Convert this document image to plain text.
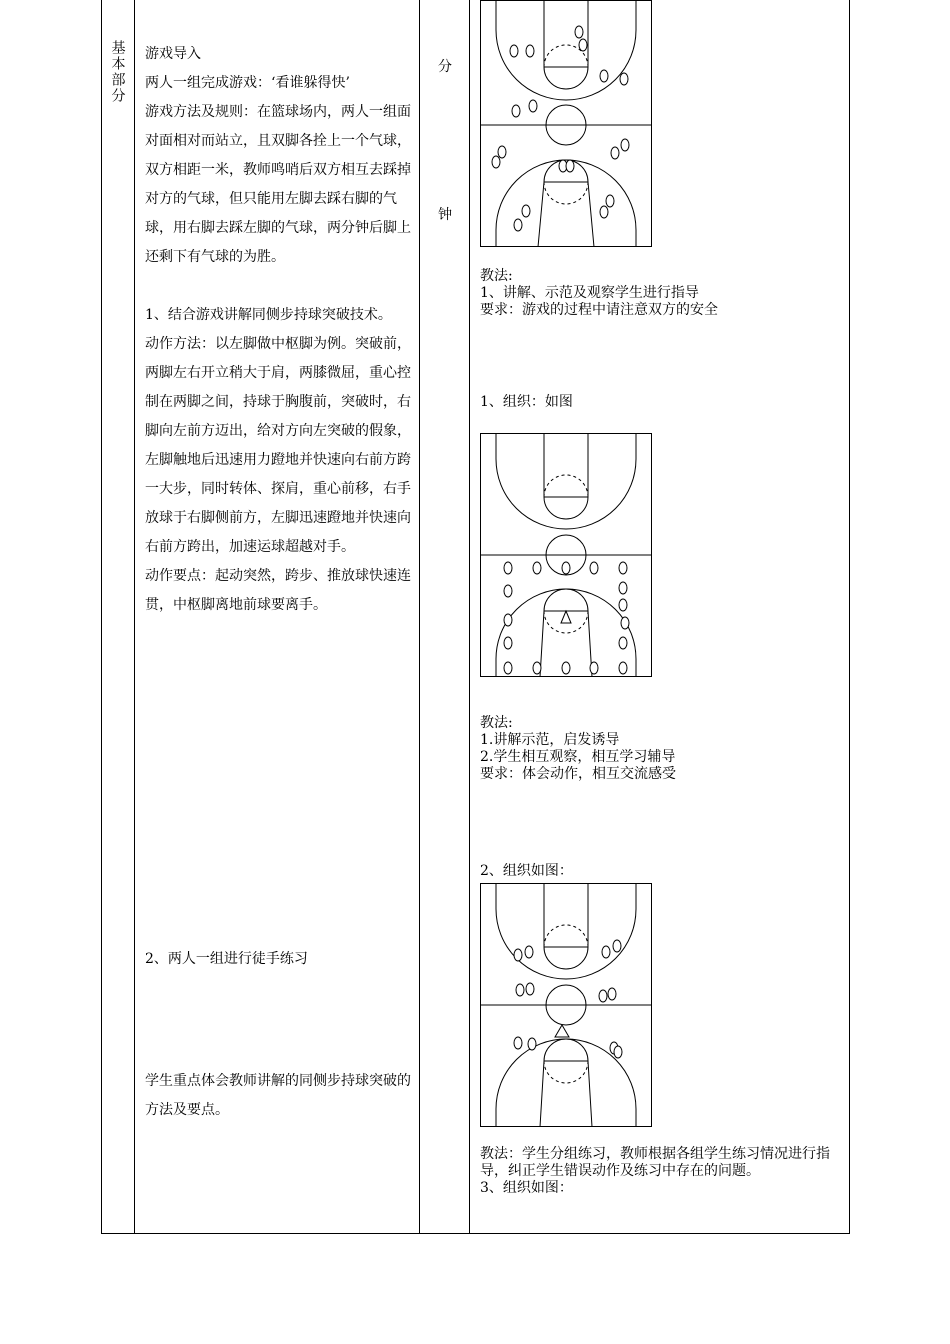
基本部分	游戏导入

两人一组完成游戏：‘看谁躲得快’

游戏方法及规则：在篮球场内，两人一组面对面相对而站立，且双脚各拴上一个气球，双方相距一米，教师鸣哨后双方相互去踩掉对方的气球，但只能用左脚去踩右脚的气球，用右脚去踩左脚的气球，两分钟后脚上还剩下有气球的为胜。

1、结合游戏讲解同侧步持球突破技术。

动作方法：以左脚做中枢脚为例。突破前，两脚左右开立稍大于肩，两膝微屈，重心控制在两脚之间，持球于胸腹前，突破时，右脚向左前方迈出，给对方向左突破的假象，左脚触地后迅速用力蹬地并快速向右前方跨一大步，同时转体、探肩，重心前移，右手放球于右脚侧前方，左脚迅速蹬地并快速向右前方跨出，加速运球超越对手。

动作要点：起动突然，跨步、推放球快速连贯，中枢脚离地前球要离手。

2、两人一组进行徒手练习
学生重点体会教师讲解的同侧步持球突破的方法及要点。
分
钟

教法:

1、讲解、示范及观察学生进行指导

要求：游戏的过程中请注意双方的安全

1、组织：如图

教法:

1.讲解示范，启发诱导

2.学生相互观察，相互学习辅导

要求：体会动作，相互交流感受

2、组织如图：

教法：学生分组练习，教师根据各组学生练习情况进行指导，纠正学生错误动作及练习中存在的问题。

3、组织如图：
